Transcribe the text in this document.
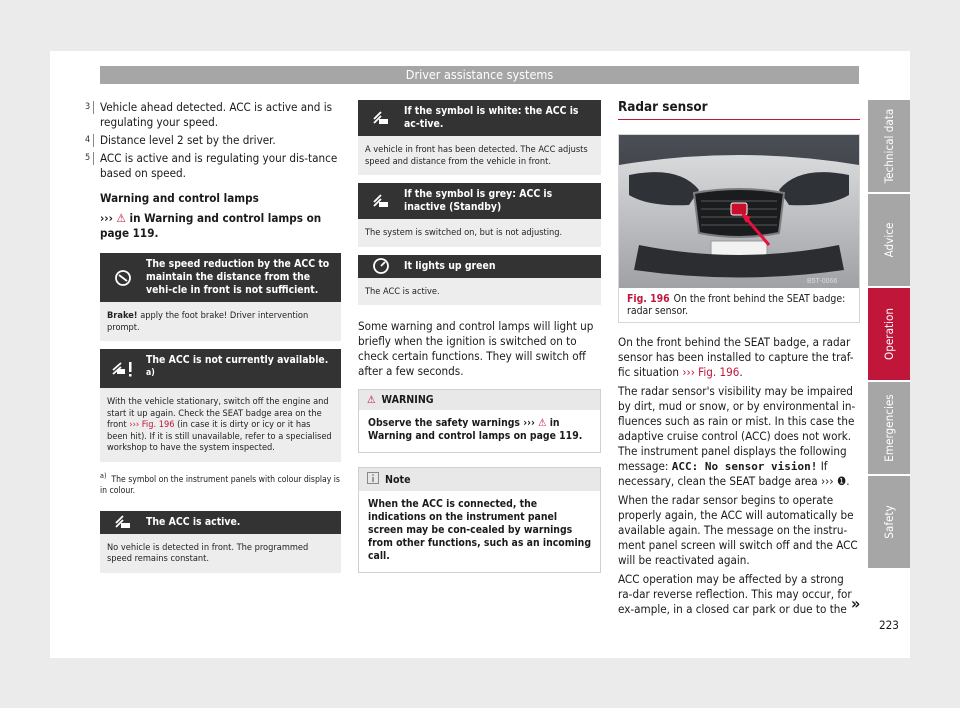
Driver assistance systems
3 Vehicle ahead detected. ACC is active and is regulating your speed.
4 Distance level 2 set by the driver.
5 ACC is active and is regulating your dis-tance based on speed.
Warning and control lamps
››› ⚠ in Warning and control lamps on page 119.
The speed reduction by the ACC to maintain the distance from the vehi-cle in front is not sufficient.
Brake! apply the foot brake! Driver intervention prompt.
The ACC is not currently available. $^{a)}$
With the vehicle stationary, switch off the engine and start it up again. Check the SEAT badge area on the front ››› Fig. 196 (in case it is dirty or icy or it has been hit). If it is still unavailable, refer to a specialised workshop to have the system inspected.
$^{a)}$ The symbol on the instrument panels with colour display is in colour.
The ACC is active.
No vehicle is detected in front. The programmed speed remains constant.
If the symbol is white: the ACC is ac-tive.
A vehicle in front has been detected. The ACC adjusts speed and distance from the vehicle in front.
If the symbol is grey: ACC is inactive (Standby)
The system is switched on, but is not adjusting.
It lights up green
The ACC is active.
Some warning and control lamps will light up briefly when the ignition is switched on to check certain functions. They will switch off after a few seconds.
⚠ WARNING
Observe the safety warnings ››› ⚠ in Warning and control lamps on page 119.
Note
When the ACC is connected, the indications on the instrument panel screen may be con-cealed by warnings from other functions, such as an incoming call.
Radar sensor
B5T-0066
Fig. 196 On the front behind the SEAT badge: radar sensor.
On the front behind the SEAT badge, a radar sensor has been installed to capture the traf-fic situation ››› Fig. 196.
The radar sensor's visibility may be impaired by dirt, mud or snow, or by environmental in-fluences such as rain or mist. In this case the adaptive cruise control (ACC) does not work. The instrument panel displays the following message: ACC: No sensor vision! If necessary, clean the SEAT badge area ››› ❶.
When the radar sensor begins to operate properly again, the ACC will automatically be available again. The message on the instru-ment panel screen will switch off and the ACC will be reactivated again.
ACC operation may be affected by a strong ra-dar reverse reflection. This may occur, for ex-ample, in a closed car park or due to the »
223
Technical data
Advice
Operation
Emergencies
Safety
